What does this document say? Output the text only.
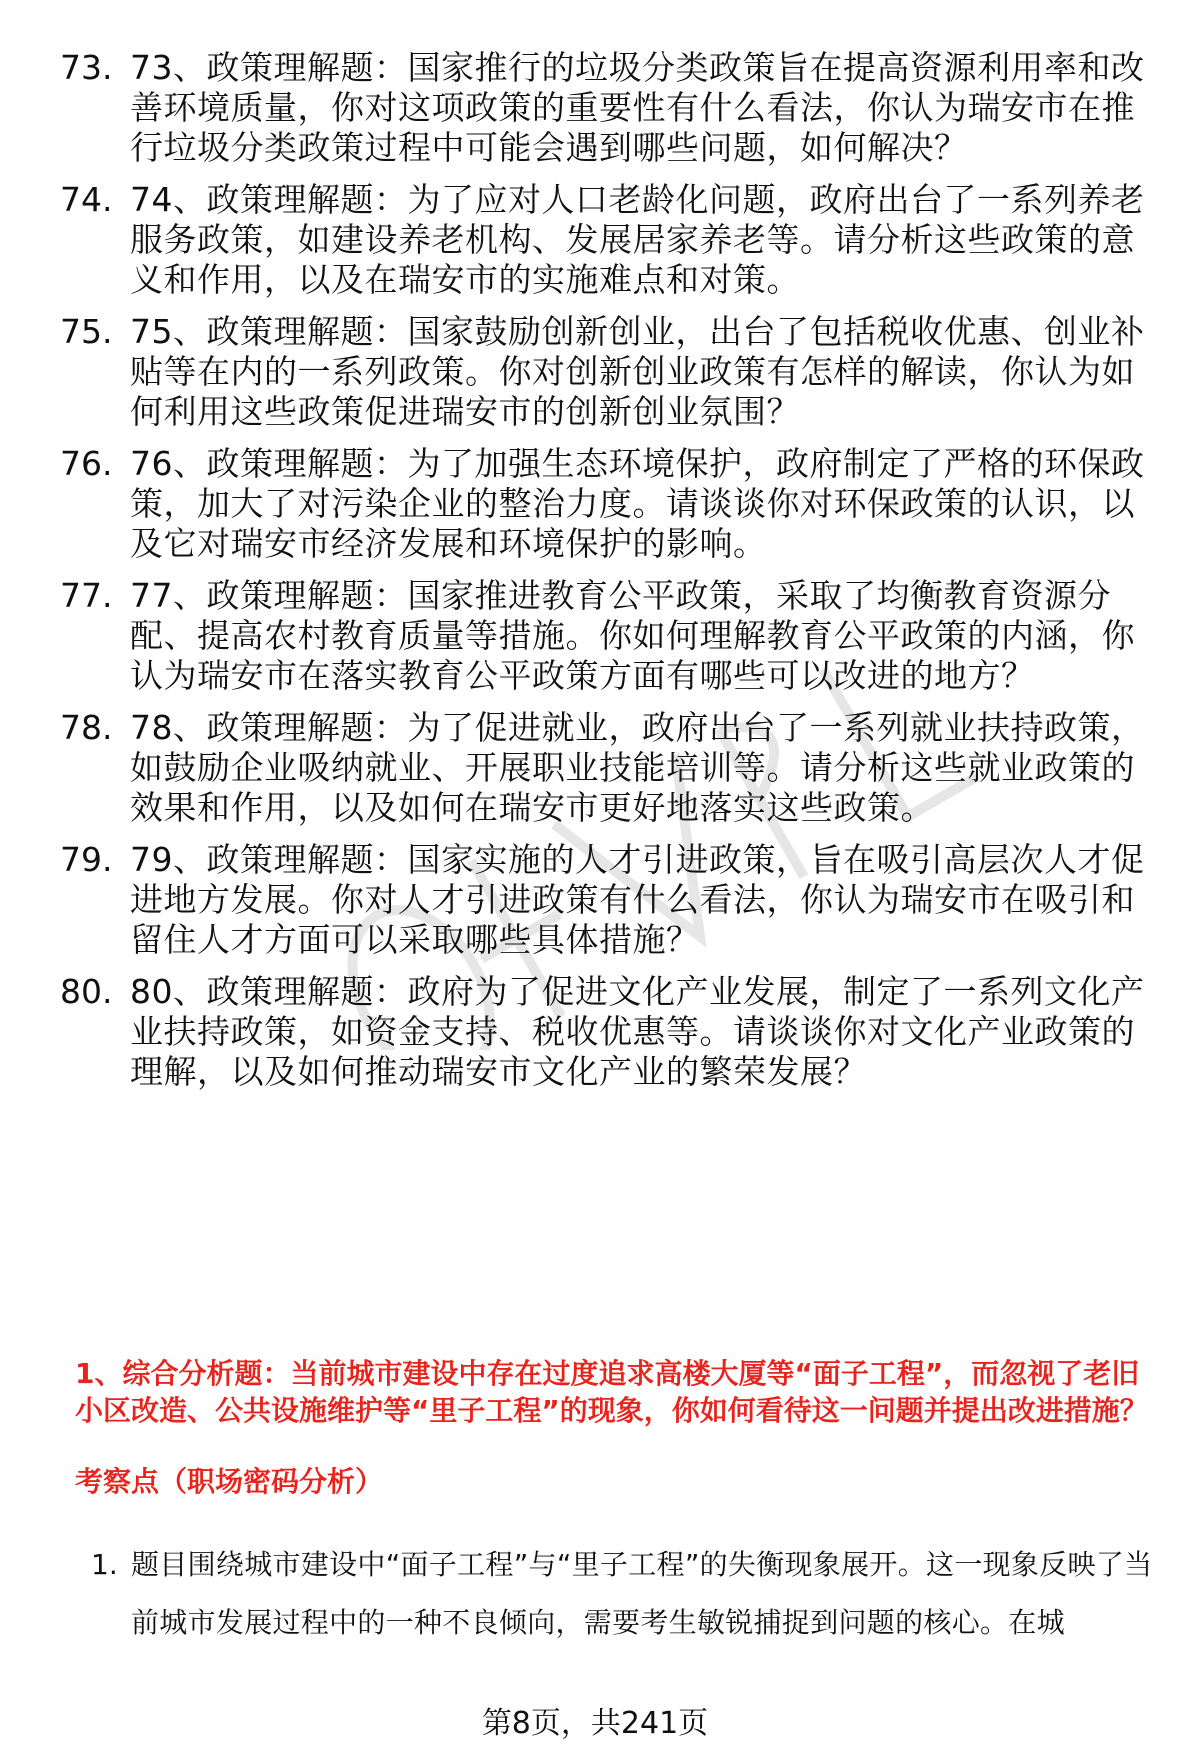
73. 73、政策理解题：国家推行的垃圾分类政策旨在提高资源利用率和改善环境质量，你对这项政策的重要性有什么看法，你认为瑞安市在推行垃圾分类政策过程中可能会遇到哪些问题，如何解决？
74. 74、政策理解题：为了应对人口老龄化问题，政府出台了一系列养老服务政策，如建设养老机构、发展居家养老等。请分析这些政策的意义和作用，以及在瑞安市的实施难点和对策。
75. 75、政策理解题：国家鼓励创新创业，出台了包括税收优惠、创业补贴等在内的一系列政策。你对创新创业政策有怎样的解读，你认为如何利用这些政策促进瑞安市的创新创业氛围？
76. 76、政策理解题：为了加强生态环境保护，政府制定了严格的环保政策，加大了对污染企业的整治力度。请谈谈你对环保政策的认识，以及它对瑞安市经济发展和环境保护的影响。
77. 77、政策理解题：国家推进教育公平政策，采取了均衡教育资源分配、提高农村教育质量等措施。你如何理解教育公平政策的内涵，你认为瑞安市在落实教育公平政策方面有哪些可以改进的地方？
78. 78、政策理解题：为了促进就业，政府出台了一系列就业扶持政策，如鼓励企业吸纳就业、开展职业技能培训等。请分析这些就业政策的效果和作用，以及如何在瑞安市更好地落实这些政策。
79. 79、政策理解题：国家实施的人才引进政策，旨在吸引高层次人才促进地方发展。你对人才引进政策有什么看法，你认为瑞安市在吸引和留住人才方面可以采取哪些具体措施？
80. 80、政策理解题：政府为了促进文化产业发展，制定了一系列文化产业扶持政策，如资金支持、税收优惠等。请谈谈你对文化产业政策的理解，以及如何推动瑞安市文化产业的繁荣发展？

1、综合分析题：当前城市建设中存在过度追求高楼大厦等“面子工程”，而忽视了老旧小区改造、公共设施维护等“里子工程”的现象，你如何看待这一问题并提出改进措施？

考察点（职场密码分析）

1. 题目围绕城市建设中“面子工程”与“里子工程”的失衡现象展开。这一现象反映了当前城市发展过程中的一种不良倾向，需要考生敏锐捕捉到问题的核心。在城
第8页，共241页
